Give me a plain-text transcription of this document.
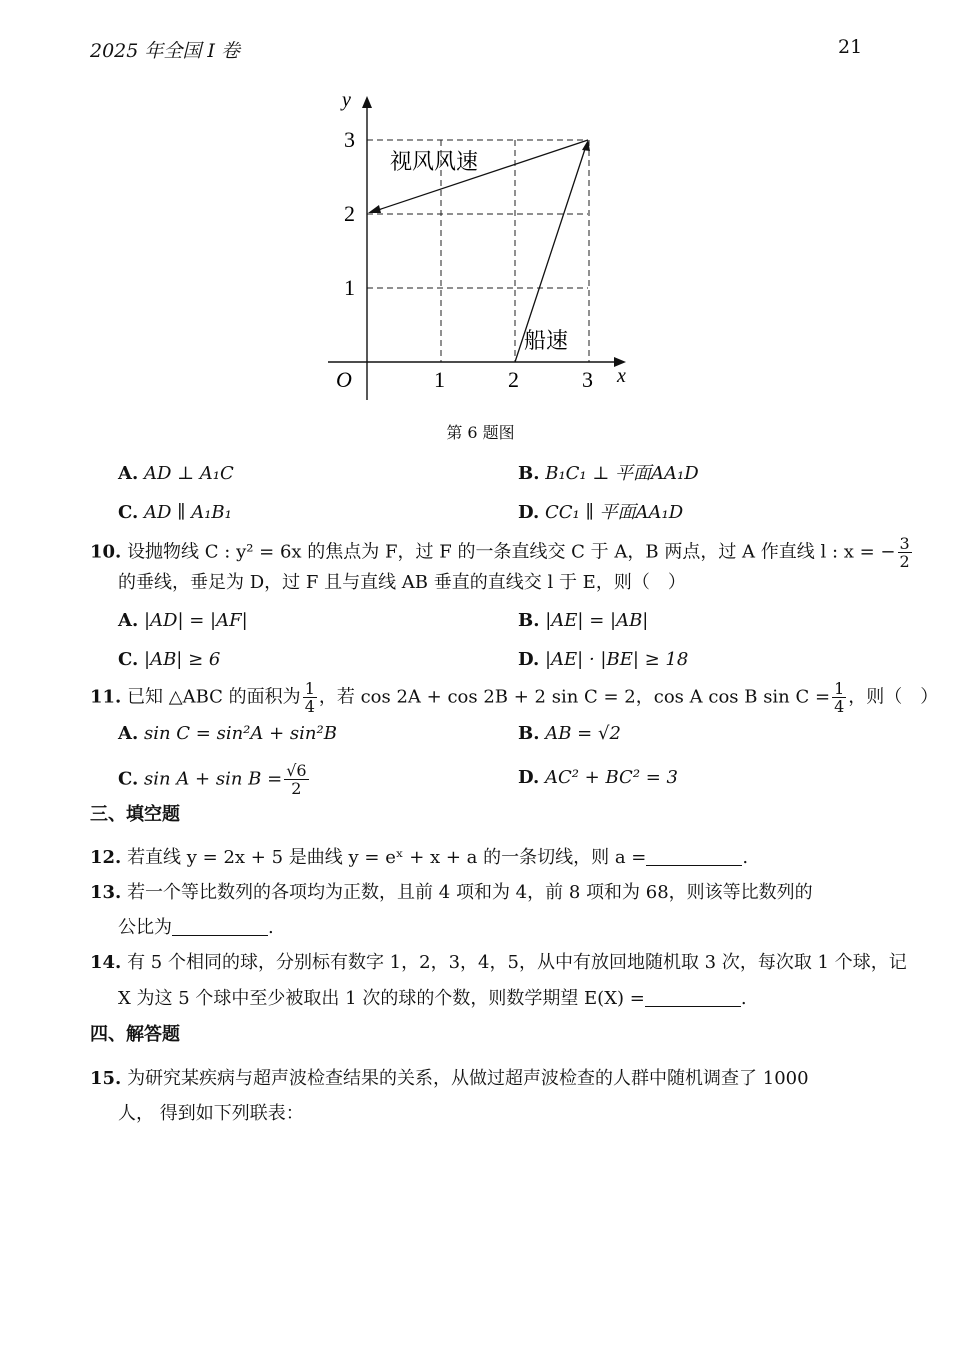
2025 年全国 I 卷	21
y
x
O	1	2	3
1
2
3
视风风速
船速
第 6 题图
A. AD ⊥ A₁C	B. B₁C₁ ⊥ 平面AA₁D
C. AD ∥ A₁B₁	D. CC₁ ∥ 平面AA₁D
10. 设抛物线 C : y² = 6x 的焦点为 F，过 F 的一条直线交 C 于 A，B 两点，过 A 作直线 l : x = − $\frac{3}{2}$
的垂线，垂足为 D，过 F 且与直线 AB 垂直的直线交 l 于 E，则（　）
A. |AD| = |AF|	B. |AE| = |AB|
C. |AB| ≥ 6	D. |AE| · |BE| ≥ 18
11. 已知 △ABC 的面积为 $\frac{1}{4}$ ，若 cos 2A + cos 2B + 2 sin C = 2，cos A cos B $\sin C = \frac{1}{4}$ ，则（　）
A. sin C = sin²A + sin²B	B. AB = √2
C. $\sin A + \sin B = \frac{√6}{2}$	D. AC² + BC² = 3
三、填空题
12. 若直线 y = 2x + 5 是曲线 y = eˣ + x + a 的一条切线，则 a =	.
13. 若一个等比数列的各项均为正数，且前 4 项和为 4，前 8 项和为 68，则该等比数列的
公比为	.
14. 有 5 个相同的球，分别标有数字 1，2，3，4，5，从中有放回地随机取 3 次，每次取 1 个球，记
X 为这 5 个球中至少被取出 1 次的球的个数，则数学期望 E(X) =	.
四、解答题
15. 为研究某疾病与超声波检查结果的关系，从做过超声波检查的人群中随机调查了 1000
人， 得到如下列联表：
